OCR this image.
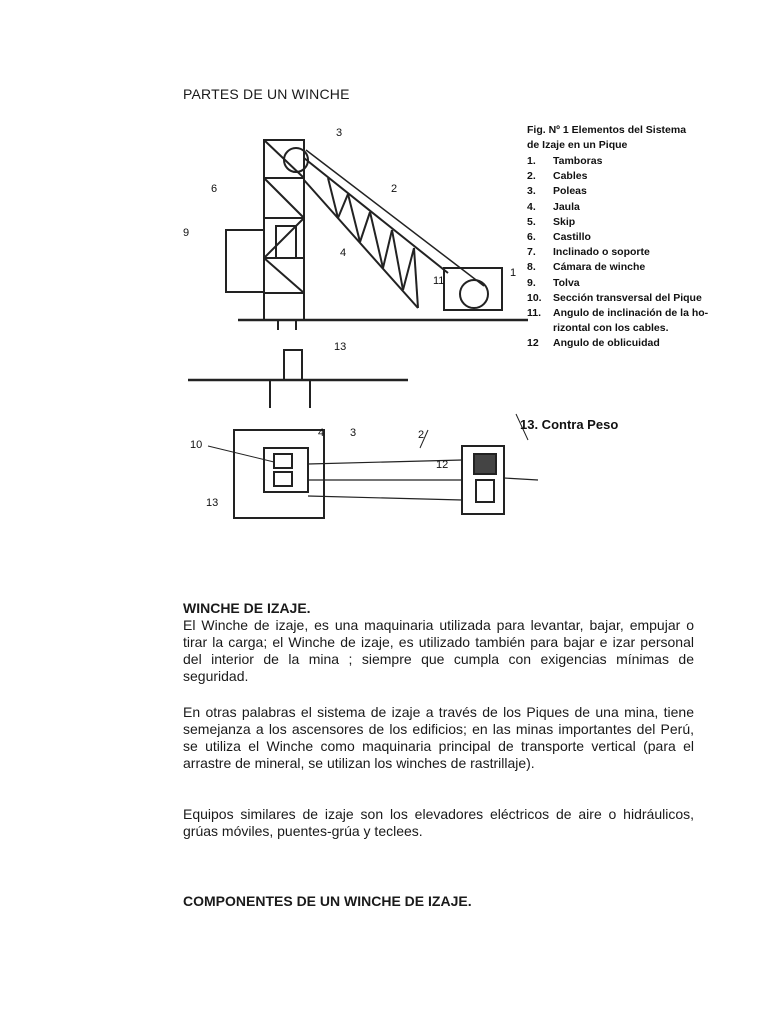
PARTES DE UN WINCHE
3
2
6
9
4
1
11
13
10
4 3	2
12
13
Fig. Nº 1 Elementos del Sistema
de Izaje en un Pique
1.	Tamboras
2.	Cables
3.	Poleas
4.	Jaula
5.	Skip
6.	Castillo
7.	Inclinado o soporte
8.	Cámara de winche
9.	Tolva
10.	Sección transversal del Pique
11.	Angulo de inclinación de la ho-
rizontal con los cables.
12	Angulo de oblicuidad
13. Contra Peso
WINCHE DE IZAJE.
El Winche de izaje, es una maquinaria utilizada para levantar, bajar, empujar o tirar la carga; el Winche de izaje, es utilizado también para bajar e izar personal del interior de la mina ; siempre que cumpla con exigencias mínimas de seguridad.
En otras palabras el sistema de izaje a través de los Piques de una mina, tiene semejanza a los ascensores de los edificios; en las minas importantes del Perú, se utiliza el Winche como maquinaria principal de transporte vertical (para el arrastre de mineral, se utilizan los winches de rastrillaje).
Equipos similares de izaje son los elevadores eléctricos de aire o hidráulicos, grúas móviles, puentes-grúa y teclees.
COMPONENTES DE UN WINCHE DE IZAJE.
